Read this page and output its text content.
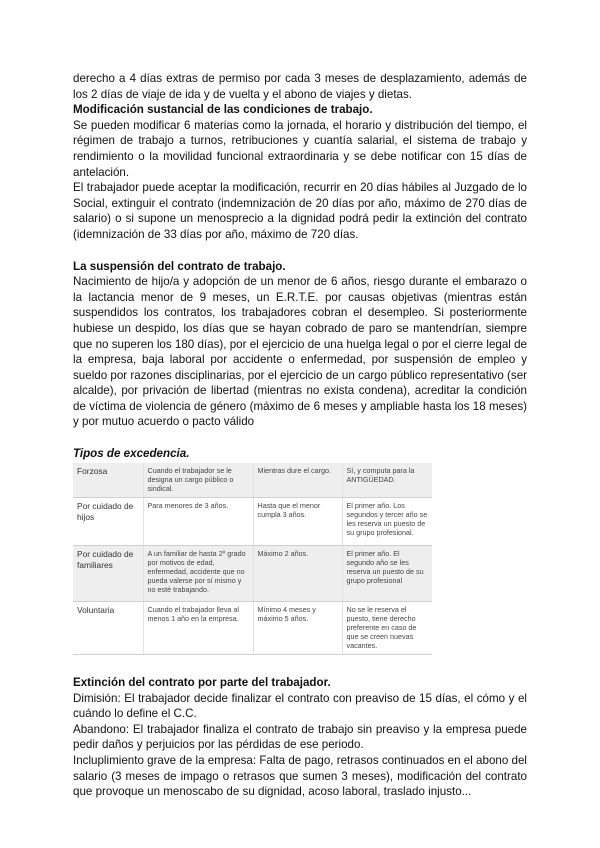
derecho a 4 días extras de permiso por cada 3 meses de desplazamiento, además de los 2 días de viaje de ida y de vuelta y el abono de viajes y dietas.

Modificación sustancial de las condiciones de trabajo.

Se pueden modificar 6 materias como la jornada, el horario y distribución del tiempo, el régimen de trabajo a turnos, retribuciones y cuantía salarial, el sistema de trabajo y rendimiento o la movilidad funcional extraordinaria y se debe notificar con 15 días de antelación.

El trabajador puede aceptar la modificación, recurrir en 20 días hábiles al Juzgado de lo Social, extinguir el contrato (indemnización de 20 días por año, máximo de 270 días de salario) o si supone un menosprecio a la dignidad podrá pedir la extinción del contrato (idemnización de 33 días por año, máximo de 720 días.

La suspensión del contrato de trabajo.

Nacimiento de hijo/a y adopción de un menor de 6 años, riesgo durante el embarazo o la lactancia menor de 9 meses, un E.R.T.E. por causas objetivas (mientras están suspendidos los contratos, los trabajadores cobran el desempleo. Si posteriormente hubiese un despido, los días que se hayan cobrado de paro se mantendrían, siempre que no superen los 180 días), por el ejercicio de una huelga legal o por el cierre legal de la empresa, baja laboral por accidente o enfermedad, por suspensión de empleo y sueldo por razones disciplinarias, por el ejercicio de un cargo público representativo (ser alcalde), por privación de libertad (mientras no exista condena), acreditar la condición de víctima de violencia de género (máximo de 6 meses y ampliable hasta los 18 meses) y por mutuo acuerdo o pacto válido

Tipos de excedencia.
Forzosa	Cuando el trabajador se le designa un cargo público o sindical.	Mientras dure el cargo.	Sí, y computa para la ANTIGÜEDAD.
Por cuidado de hijos	Para menores de 3 años.	Hasta que el menor cumpla 3 años.	El primer año. Los segundos y tercer año se les reserva un puesto de su grupo profesional.
Por cuidado de familiares	A un familiar de hasta 2º grado por motivos de edad, enfermedad, accidente que no pueda valerse por sí mismo y no esté trabajando.	Máximo 2 años.	El primer año. El segundo año se les reserva un puesto de su grupo profesional
Voluntaria	Cuando el trabajador lleva al menos 1 año en la empresa.	Mínimo 4 meses y máximo 5 años.	No se le reserva el puesto, tiene derecho preferente en caso de que se creen nuevas vacantes.
Extinción del contrato por parte del trabajador.

Dimisión: El trabajador decide finalizar el contrato con preaviso de 15 días, el cómo y el cuándo lo define el C.C.

Abandono: El trabajador finaliza el contrato de trabajo sin preaviso y la empresa puede pedir daños y perjuicios por las pérdidas de ese periodo.

Incluplimiento grave de la empresa: Falta de pago, retrasos continuados en el abono del salario (3 meses de impago o retrasos que sumen 3 meses), modificación del contrato que provoque un menoscabo de su dignidad, acoso laboral, traslado injusto...
